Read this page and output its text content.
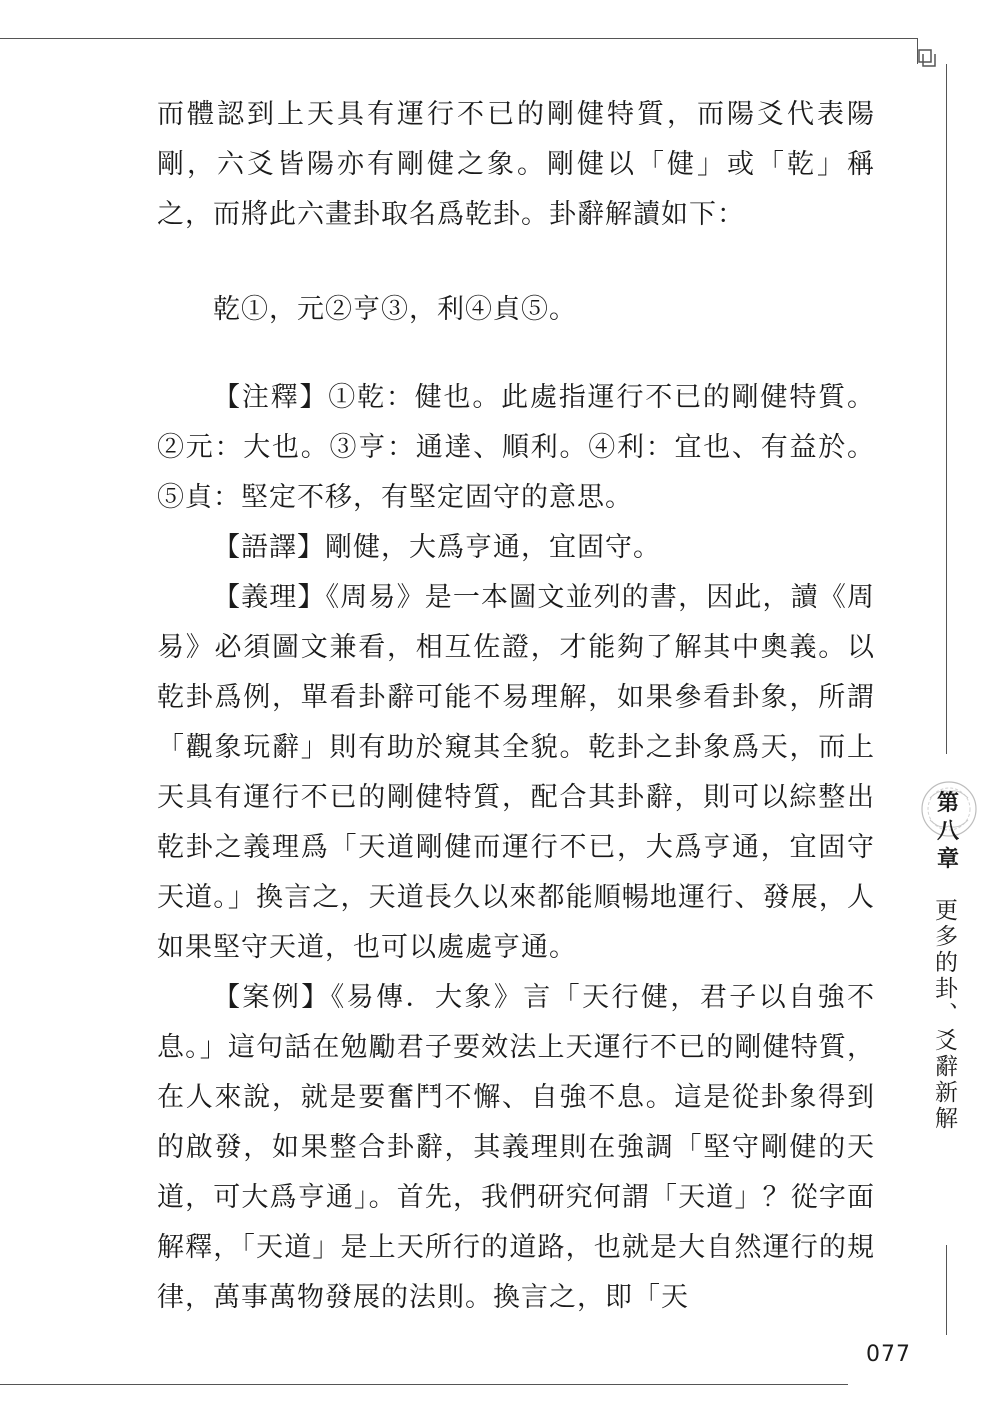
而體認到上天具有運行不已的剛健特質，而陽爻代表陽剛，六爻皆陽亦有剛健之象。剛健以「健」或「乾」稱之，而將此六畫卦取名爲乾卦。卦辭解讀如下：

乾①，元②亨③，利④貞⑤。

【注釋】①乾：健也。此處指運行不已的剛健特質。②元：大也。③亨：通達、順利。④利：宜也、有益於。⑤貞：堅定不移，有堅定固守的意思。

【語譯】剛健，大爲亨通，宜固守。

【義理】《周易》是一本圖文並列的書，因此，讀《周易》必須圖文兼看，相互佐證，才能夠了解其中奧義。以乾卦爲例，單看卦辭可能不易理解，如果參看卦象，所謂「觀象玩辭」則有助於窺其全貌。乾卦之卦象爲天，而上天具有運行不已的剛健特質，配合其卦辭，則可以綜整出乾卦之義理爲「天道剛健而運行不已，大爲亨通，宜固守天道。」換言之，天道長久以來都能順暢地運行、發展，人如果堅守天道，也可以處處亨通。

【案例】《易傳．大象》言「天行健，君子以自強不息。」這句話在勉勵君子要效法上天運行不已的剛健特質，在人來說，就是要奮鬥不懈、自強不息。這是從卦象得到的啟發，如果整合卦辭，其義理則在強調「堅守剛健的天道，可大爲亨通」。首先，我們研究何謂「天道」？從字面解釋，「天道」是上天所行的道路，也就是大自然運行的規律，萬事萬物發展的法則。換言之，即「天

第八章
更多的卦、爻辭新解
077
